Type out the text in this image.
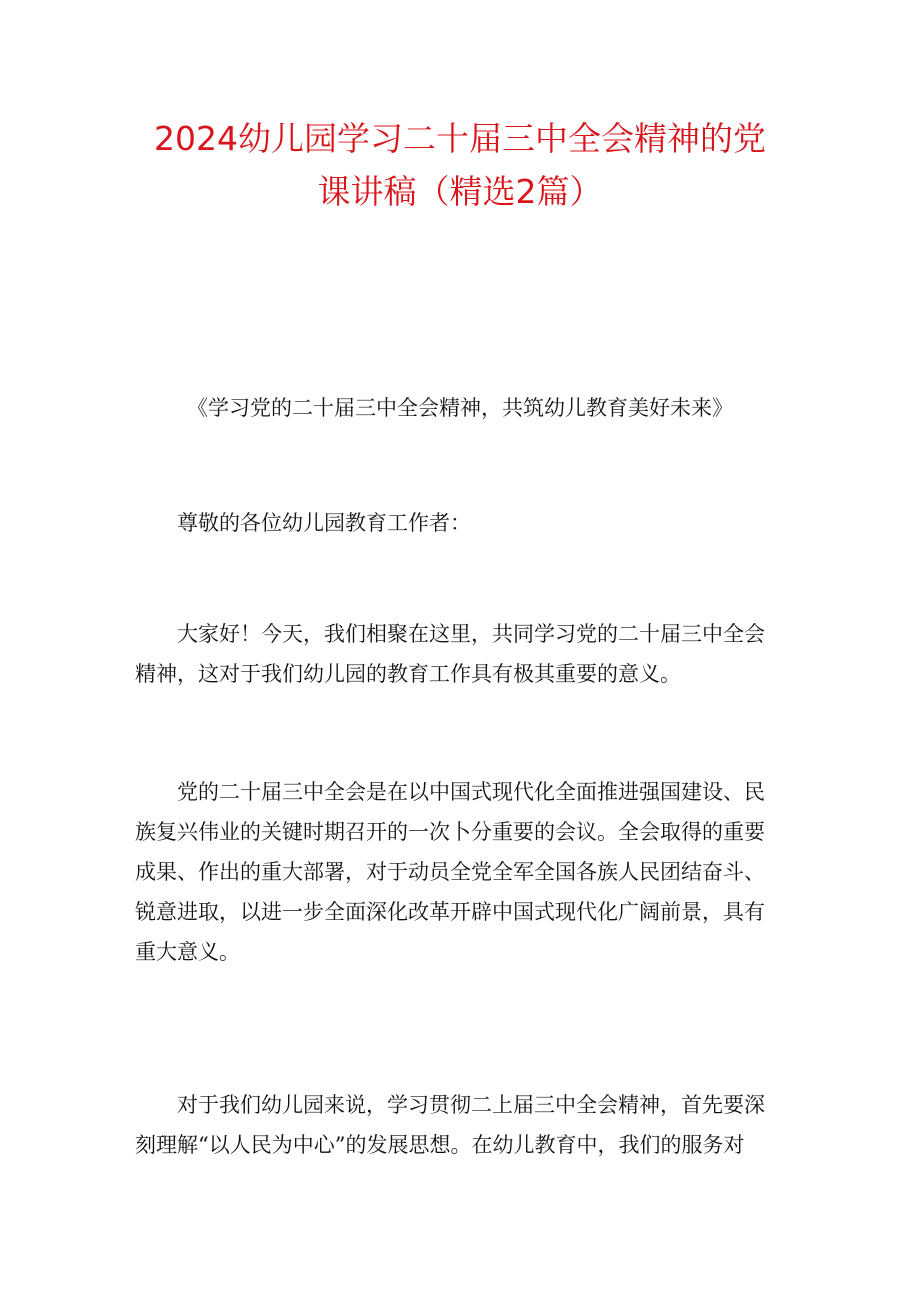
2024幼儿园学习二十届三中全会精神的党
课讲稿（精选2篇）

《学习党的二十届三中全会精神，共筑幼儿教育美好未来》

尊敬的各位幼儿园教育工作者：

大家好！今天，我们相聚在这里，共同学习党的二十届三中全会
精神，这对于我们幼儿园的教育工作具有极其重要的意义。

党的二十届三中全会是在以中国式现代化全面推进强国建设、民
族复兴伟业的关键时期召开的一次卜分重要的会议。全会取得的重要
成果、作出的重大部署，对于动员全党全军全国各族人民团结奋斗、
锐意进取，以进一步全面深化改革开辟中国式现代化广阔前景，具有
重大意义。

对于我们幼儿园来说，学习贯彻二上届三中全会精神，首先要深
刻理解“以人民为中心”的发展思想。在幼儿教育中，我们的服务对
